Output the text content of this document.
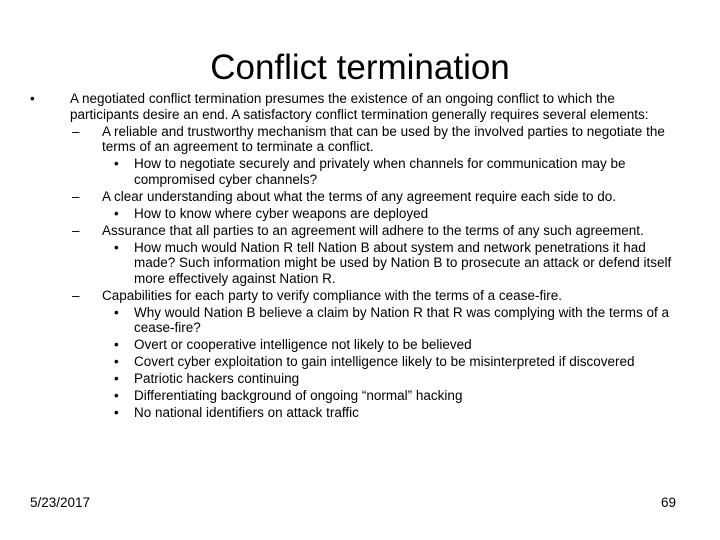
Conflict termination
•	A negotiated conflict termination presumes the existence of an ongoing conflict to which the participants desire an end. A satisfactory conflict termination generally requires several elements:
– A reliable and trustworthy mechanism that can be used by the involved parties to negotiate the terms of an agreement to terminate a conflict.
• How to negotiate securely and privately when channels for communication may be compromised cyber channels?
– A clear understanding about what the terms of any agreement require each side to do.
• How to know where cyber weapons are deployed
– Assurance that all parties to an agreement will adhere to the terms of any such agreement.
• How much would Nation R tell Nation B about system and network penetrations it had made? Such information might be used by Nation B to prosecute an attack or defend itself more effectively against Nation R.
– Capabilities for each party to verify compliance with the terms of a cease-fire.
• Why would Nation B believe a claim by Nation R that R was complying with the terms of a cease-fire?
• Overt or cooperative intelligence not likely to be believed
• Covert cyber exploitation to gain intelligence likely to be misinterpreted if discovered
• Patriotic hackers continuing
• Differentiating background of ongoing “normal” hacking
• No national identifiers on attack traffic
5/23/2017	69
